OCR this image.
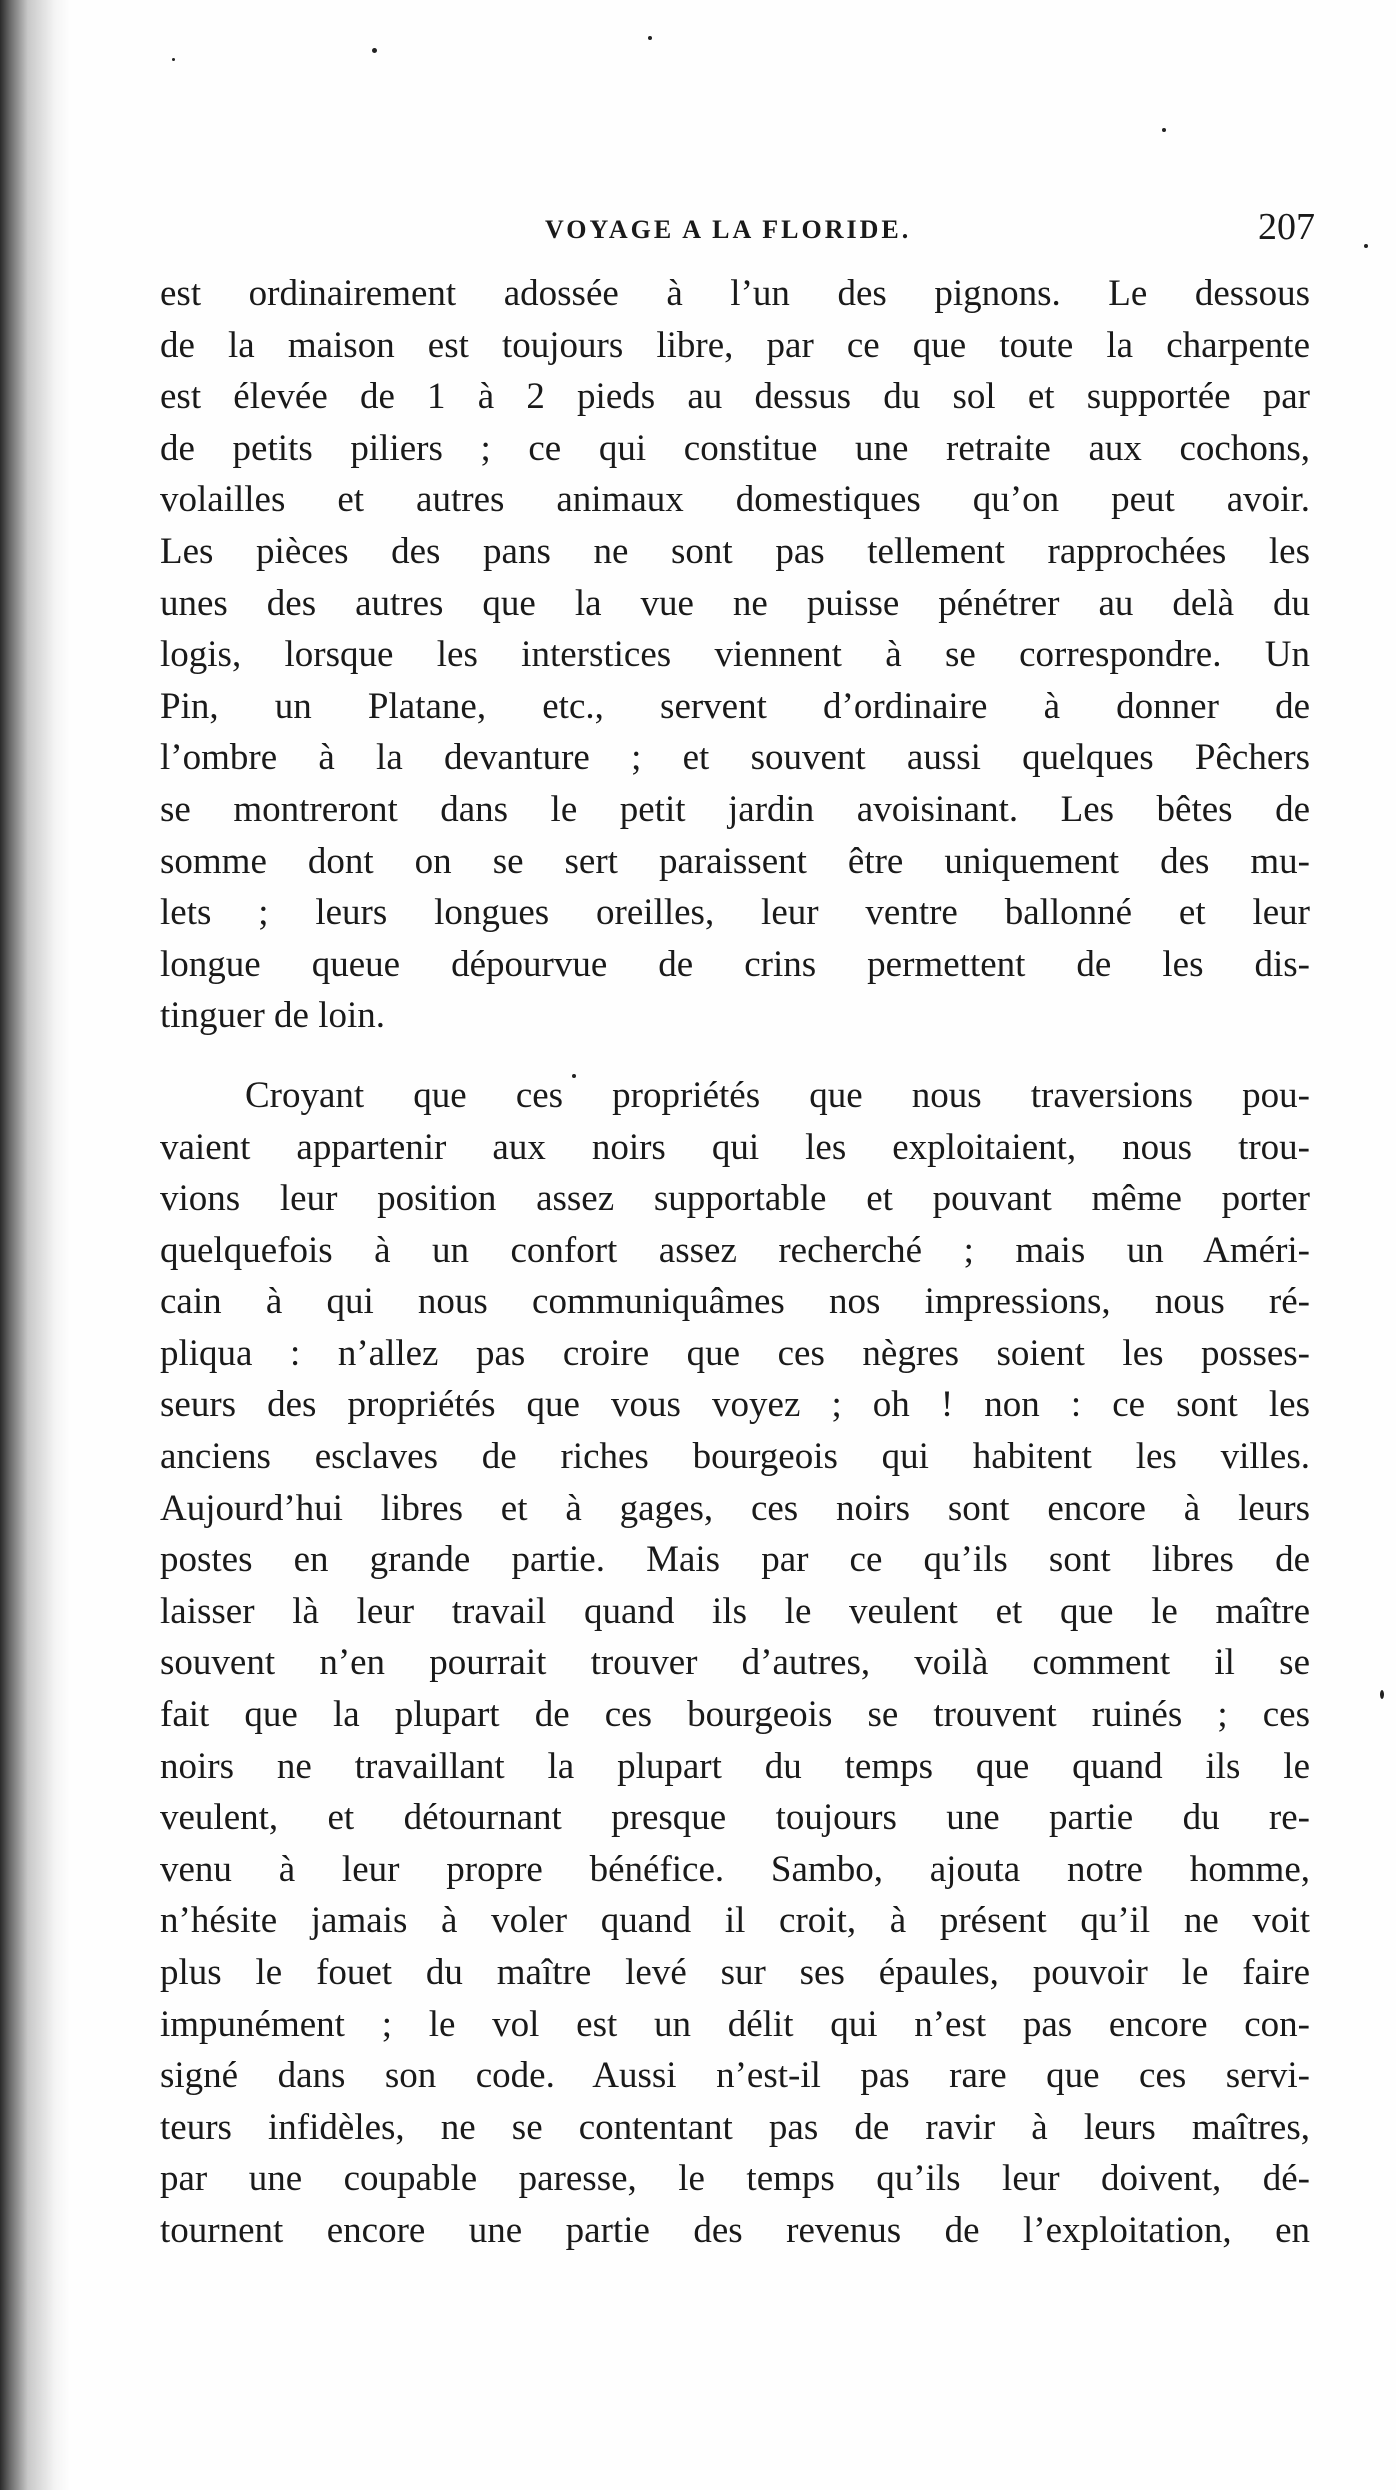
VOYAGE A LA FLORIDE.	207
est ordinairement adossée à l’un des pignons. Le dessous
de la maison est toujours libre, par ce que toute la charpente
est élevée de 1 à 2 pieds au dessus du sol et supportée par
de petits piliers ; ce qui constitue une retraite aux cochons,
volailles et autres animaux domestiques qu’on peut avoir.
Les pièces des pans ne sont pas tellement rapprochées les
unes des autres que la vue ne puisse pénétrer au delà du
logis, lorsque les interstices viennent à se correspondre. Un
Pin, un Platane, etc., servent d’ordinaire à donner de
l’ombre à la devanture ; et souvent aussi quelques Pêchers
se montreront dans le petit jardin avoisinant. Les bêtes de
somme dont on se sert paraissent être uniquement des mu-
lets ; leurs longues oreilles, leur ventre ballonné et leur
longue queue dépourvue de crins permettent de les dis-
tinguer de loin.
Croyant que ces propriétés que nous traversions pou-
vaient appartenir aux noirs qui les exploitaient, nous trou-
vions leur position assez supportable et pouvant même porter
quelquefois à un confort assez recherché ; mais un Améri-
cain à qui nous communiquâmes nos impressions, nous ré-
pliqua : n’allez pas croire que ces nègres soient les posses-
seurs des propriétés que vous voyez ; oh ! non : ce sont les
anciens esclaves de riches bourgeois qui habitent les villes.
Aujourd’hui libres et à gages, ces noirs sont encore à leurs
postes en grande partie. Mais par ce qu’ils sont libres de
laisser là leur travail quand ils le veulent et que le maître
souvent n’en pourrait trouver d’autres, voilà comment il se
fait que la plupart de ces bourgeois se trouvent ruinés ; ces
noirs ne travaillant la plupart du temps que quand ils le
veulent, et détournant presque toujours une partie du re-
venu à leur propre bénéfice. Sambo, ajouta notre homme,
n’hésite jamais à voler quand il croit, à présent qu’il ne voit
plus le fouet du maître levé sur ses épaules, pouvoir le faire
impunément ; le vol est un délit qui n’est pas encore con-
signé dans son code. Aussi n’est-il pas rare que ces servi-
teurs infidèles, ne se contentant pas de ravir à leurs maîtres,
par une coupable paresse, le temps qu’ils leur doivent, dé-
tournent encore une partie des revenus de l’exploitation, en
